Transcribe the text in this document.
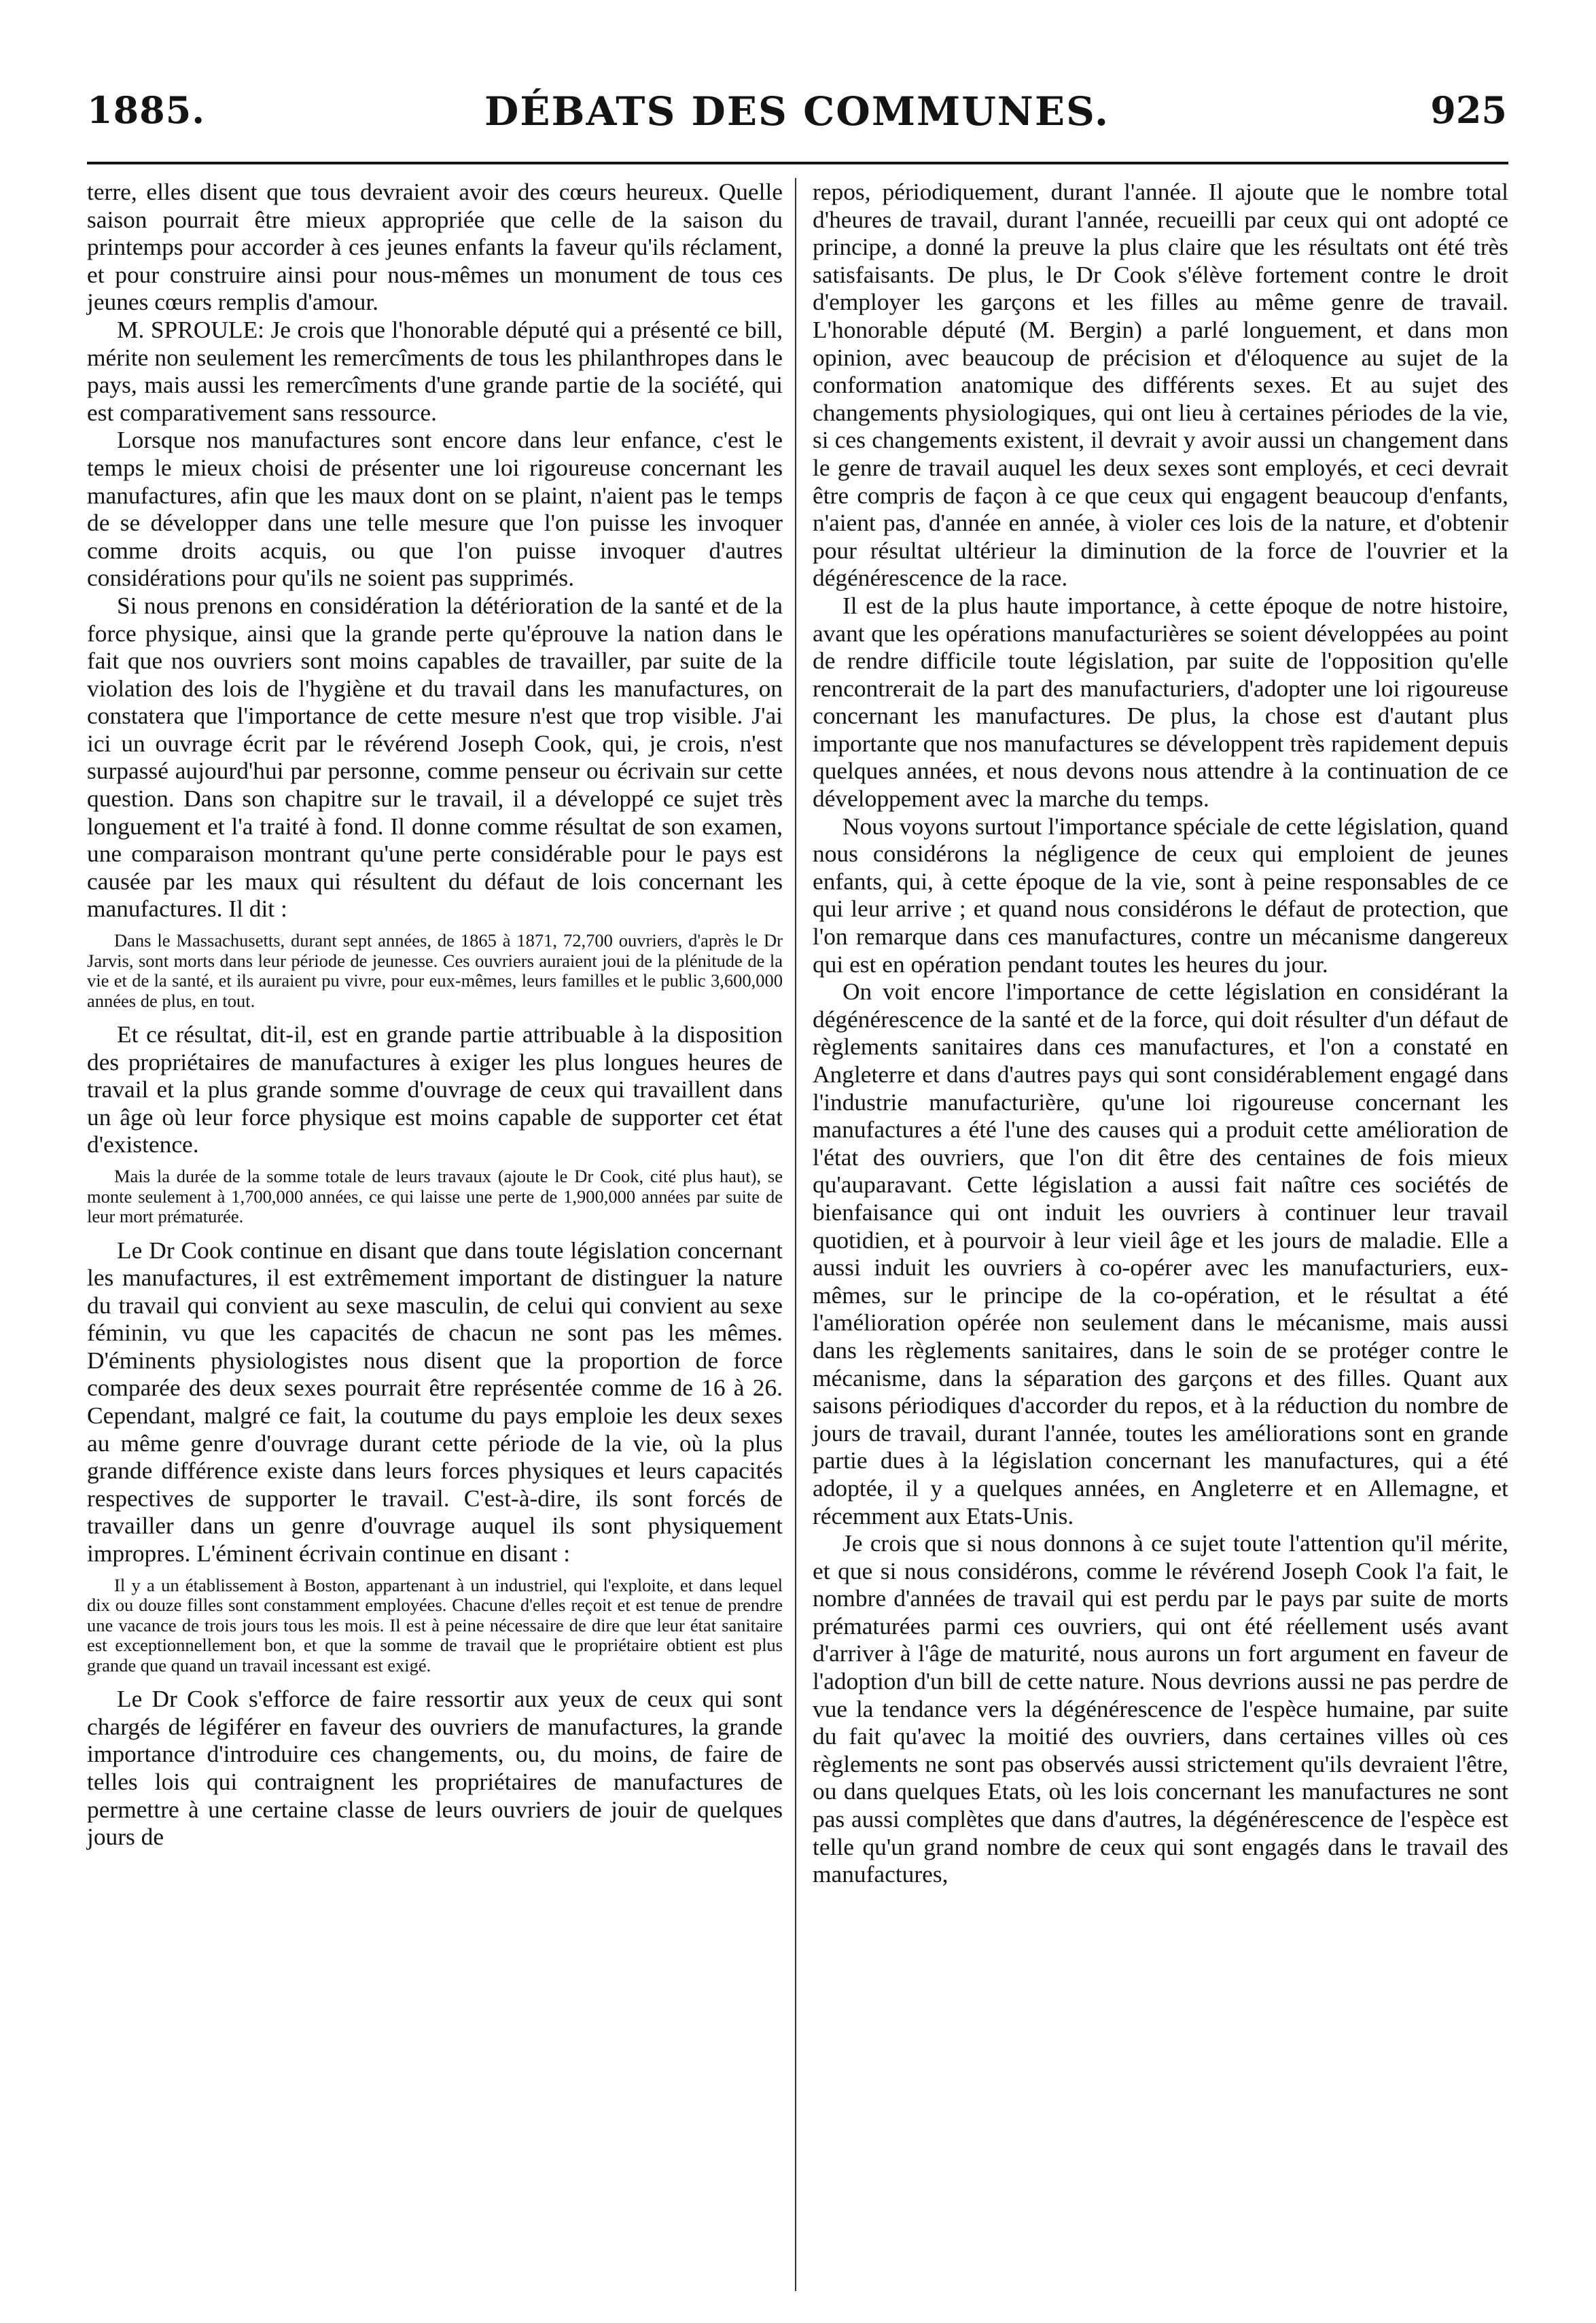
DÉBATS DES COMMUNES.
1885.	925

terre, elles disent que tous devraient avoir des cœurs heureux. Quelle saison pourrait être mieux appropriée que celle de la saison du printemps pour accorder à ces jeunes enfants la faveur qu'ils réclament, et pour construire ainsi pour nous-mêmes un monument de tous ces jeunes cœurs remplis d'amour.

M. SPROULE: Je crois que l'honorable député qui a présenté ce bill, mérite non seulement les remercîments de tous les philanthropes dans le pays, mais aussi les remercîments d'une grande partie de la société, qui est comparativement sans ressource.

Lorsque nos manufactures sont encore dans leur enfance, c'est le temps le mieux choisi de présenter une loi rigoureuse concernant les manufactures, afin que les maux dont on se plaint, n'aient pas le temps de se développer dans une telle mesure que l'on puisse les invoquer comme droits acquis, ou que l'on puisse invoquer d'autres considérations pour qu'ils ne soient pas supprimés.

Si nous prenons en considération la détérioration de la santé et de la force physique, ainsi que la grande perte qu'éprouve la nation dans le fait que nos ouvriers sont moins capables de travailler, par suite de la violation des lois de l'hygiène et du travail dans les manufactures, on constatera que l'importance de cette mesure n'est que trop visible. J'ai ici un ouvrage écrit par le révérend Joseph Cook, qui, je crois, n'est surpassé aujourd'hui par personne, comme penseur ou écrivain sur cette question. Dans son chapitre sur le travail, il a développé ce sujet très longuement et l'a traité à fond. Il donne comme résultat de son examen, une comparaison montrant qu'une perte considérable pour le pays est causée par les maux qui résultent du défaut de lois concernant les manufactures. Il dit :

Dans le Massachusetts, durant sept années, de 1865 à 1871, 72,700 ouvriers, d'après le Dr Jarvis, sont morts dans leur période de jeunesse. Ces ouvriers auraient joui de la plénitude de la vie et de la santé, et ils auraient pu vivre, pour eux-mêmes, leurs familles et le public 3,600,000 années de plus, en tout.

Et ce résultat, dit-il, est en grande partie attribuable à la disposition des propriétaires de manufactures à exiger les plus longues heures de travail et la plus grande somme d'ouvrage de ceux qui travaillent dans un âge où leur force physique est moins capable de supporter cet état d'existence.

Mais la durée de la somme totale de leurs travaux (ajoute le Dr Cook, cité plus haut), se monte seulement à 1,700,000 années, ce qui laisse une perte de 1,900,000 années par suite de leur mort prématurée.

Le Dr Cook continue en disant que dans toute législation concernant les manufactures, il est extrêmement important de distinguer la nature du travail qui convient au sexe masculin, de celui qui convient au sexe féminin, vu que les capacités de chacun ne sont pas les mêmes. D'éminents physiologistes nous disent que la proportion de force comparée des deux sexes pourrait être représentée comme de 16 à 26. Cependant, malgré ce fait, la coutume du pays emploie les deux sexes au même genre d'ouvrage durant cette période de la vie, où la plus grande différence existe dans leurs forces physiques et leurs capacités respectives de supporter le travail. C'est-à-dire, ils sont forcés de travailler dans un genre d'ouvrage auquel ils sont physiquement impropres. L'éminent écrivain continue en disant :

Il y a un établissement à Boston, appartenant à un industriel, qui l'exploite, et dans lequel dix ou douze filles sont constamment employées. Chacune d'elles reçoit et est tenue de prendre une vacance de trois jours tous les mois. Il est à peine nécessaire de dire que leur état sanitaire est exceptionnellement bon, et que la somme de travail que le propriétaire obtient est plus grande que quand un travail incessant est exigé.

Le Dr Cook s'efforce de faire ressortir aux yeux de ceux qui sont chargés de légiférer en faveur des ouvriers de manufactures, la grande importance d'introduire ces changements, ou, du moins, de faire de telles lois qui contraignent les propriétaires de manufactures de permettre à une certaine classe de leurs ouvriers de jouir de quelques jours de

repos, périodiquement, durant l'année. Il ajoute que le nombre total d'heures de travail, durant l'année, recueilli par ceux qui ont adopté ce principe, a donné la preuve la plus claire que les résultats ont été très satisfaisants. De plus, le Dr Cook s'élève fortement contre le droit d'employer les garçons et les filles au même genre de travail. L'honorable député (M. Bergin) a parlé longuement, et dans mon opinion, avec beaucoup de précision et d'éloquence au sujet de la conformation anatomique des différents sexes. Et au sujet des changements physiologiques, qui ont lieu à certaines périodes de la vie, si ces changements existent, il devrait y avoir aussi un changement dans le genre de travail auquel les deux sexes sont employés, et ceci devrait être compris de façon à ce que ceux qui engagent beaucoup d'enfants, n'aient pas, d'année en année, à violer ces lois de la nature, et d'obtenir pour résultat ultérieur la diminution de la force de l'ouvrier et la dégénérescence de la race.

Il est de la plus haute importance, à cette époque de notre histoire, avant que les opérations manufacturières se soient développées au point de rendre difficile toute législation, par suite de l'opposition qu'elle rencontrerait de la part des manufacturiers, d'adopter une loi rigoureuse concernant les manufactures. De plus, la chose est d'autant plus importante que nos manufactures se développent très rapidement depuis quelques années, et nous devons nous attendre à la continuation de ce développement avec la marche du temps.

Nous voyons surtout l'importance spéciale de cette législation, quand nous considérons la négligence de ceux qui emploient de jeunes enfants, qui, à cette époque de la vie, sont à peine responsables de ce qui leur arrive ; et quand nous considérons le défaut de protection, que l'on remarque dans ces manufactures, contre un mécanisme dangereux qui est en opération pendant toutes les heures du jour.

On voit encore l'importance de cette législation en considérant la dégénérescence de la santé et de la force, qui doit résulter d'un défaut de règlements sanitaires dans ces manufactures, et l'on a constaté en Angleterre et dans d'autres pays qui sont considérablement engagé dans l'industrie manufacturière, qu'une loi rigoureuse concernant les manufactures a été l'une des causes qui a produit cette amélioration de l'état des ouvriers, que l'on dit être des centaines de fois mieux qu'auparavant. Cette législation a aussi fait naître ces sociétés de bienfaisance qui ont induit les ouvriers à continuer leur travail quotidien, et à pourvoir à leur vieil âge et les jours de maladie. Elle a aussi induit les ouvriers à co-opérer avec les manufacturiers, eux-mêmes, sur le principe de la co-opération, et le résultat a été l'amélioration opérée non seulement dans le mécanisme, mais aussi dans les règlements sanitaires, dans le soin de se protéger contre le mécanisme, dans la séparation des garçons et des filles. Quant aux saisons périodiques d'accorder du repos, et à la réduction du nombre de jours de travail, durant l'année, toutes les améliorations sont en grande partie dues à la législation concernant les manufactures, qui a été adoptée, il y a quelques années, en Angleterre et en Allemagne, et récemment aux Etats-Unis.

Je crois que si nous donnons à ce sujet toute l'attention qu'il mérite, et que si nous considérons, comme le révérend Joseph Cook l'a fait, le nombre d'années de travail qui est perdu par le pays par suite de morts prématurées parmi ces ouvriers, qui ont été réellement usés avant d'arriver à l'âge de maturité, nous aurons un fort argument en faveur de l'adoption d'un bill de cette nature. Nous devrions aussi ne pas perdre de vue la tendance vers la dégénérescence de l'espèce humaine, par suite du fait qu'avec la moitié des ouvriers, dans certaines villes où ces règlements ne sont pas observés aussi strictement qu'ils devraient l'être, ou dans quelques Etats, où les lois concernant les manufactures ne sont pas aussi complètes que dans d'autres, la dégénérescence de l'espèce est telle qu'un grand nombre de ceux qui sont engagés dans le travail des manufactures,
